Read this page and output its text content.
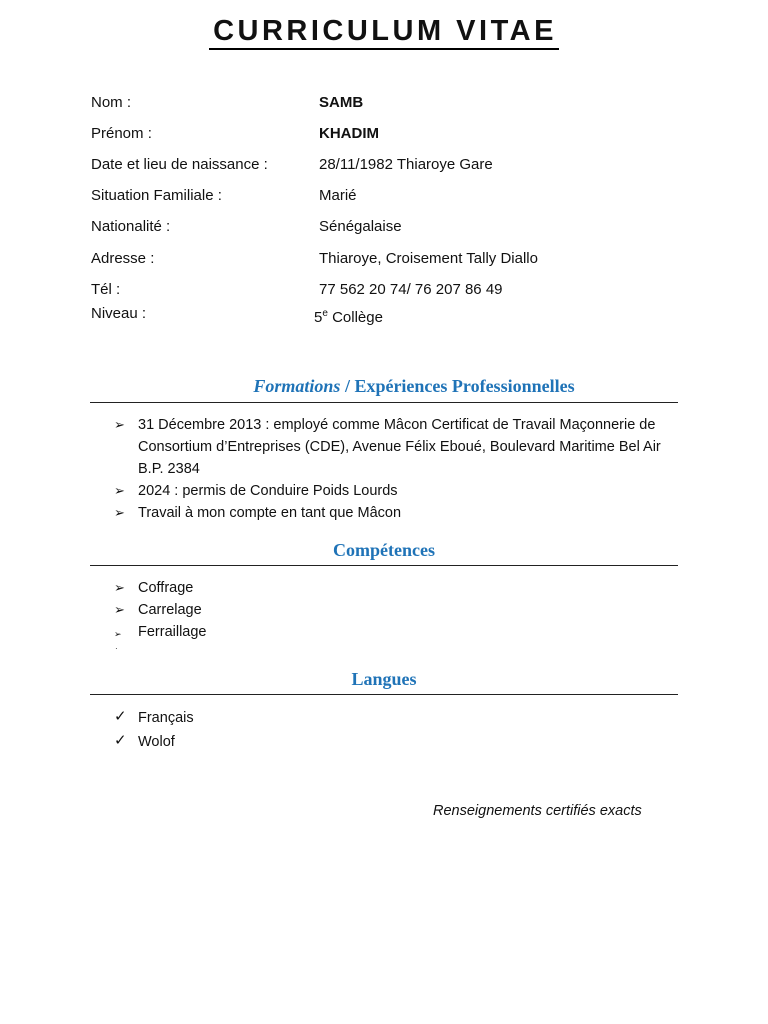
CURRICULUM VITAE
Nom :	SAMB
Prénom :	KHADIM
Date et lieu de naissance :	28/11/1982 Thiaroye Gare
Situation Familiale :	Marié
Nationalité :	Sénégalaise
Adresse :	Thiaroye, Croisement Tally Diallo
Tél :	77 562 20 74/ 76 207 86 49
Niveau :	5e Collège
Formations / Expériences Professionnelles
➢ 31 Décembre 2013 : employé comme Mâcon Certificat de Travail Maçonnerie de Consortium d’Entreprises (CDE), Avenue Félix Eboué, Boulevard Maritime Bel Air B.P. 2384
➢ 2024 : permis de Conduire Poids Lourds
➢ Travail à mon compte en tant que Mâcon
Compétences
➢ Coffrage
➢ Carrelage
➢ Ferraillage
·
Langues
✓ Français
✓ Wolof
Renseignements certifiés exacts
